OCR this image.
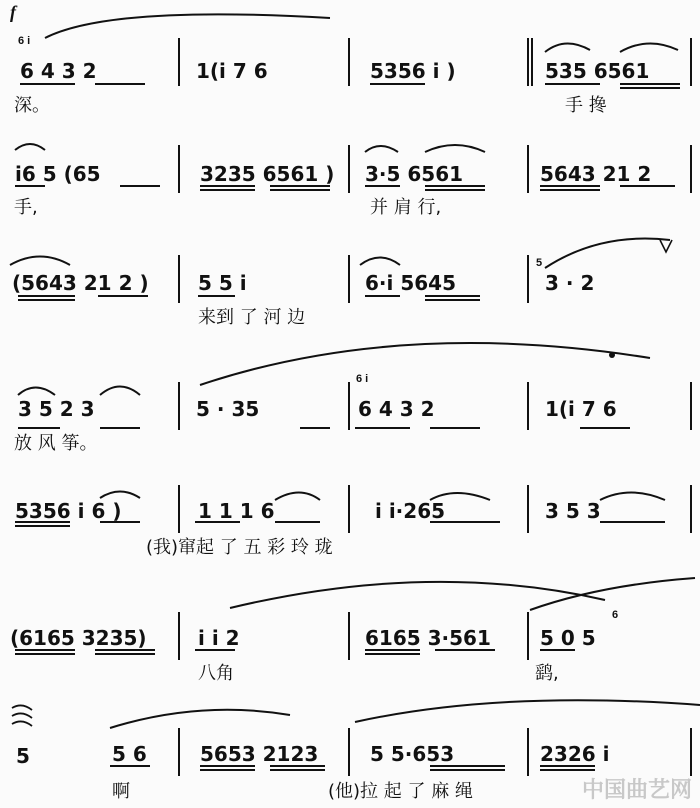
f
6 i
6 4 3 2	1(i 7 6	5356 i )	535 6561
深。	手 搀
i6 5 (65	3235 6561 ) 3·5 6561	5643 21 2
手,	并 肩 行,
(5643 21 2 ) 5 5 i	6·i 5645	3 · 2
5
来到 了 河 边
3 5 2 3	5 · 35
6 i
6 4 3 2	1(i 7 6
放 风 筝。
5356 i 6 )	1 1 1 6	i i·265	3 5 3
(我)窜起 了 五 彩 玲 珑
(6165 3235)	i i 2	6165 3·561 5 0 5
6
八角	鹞,
5	5 6	5653 2123	5 5·653	2326 i
啊	(他)拉 起 了 麻 绳	中国曲艺网
